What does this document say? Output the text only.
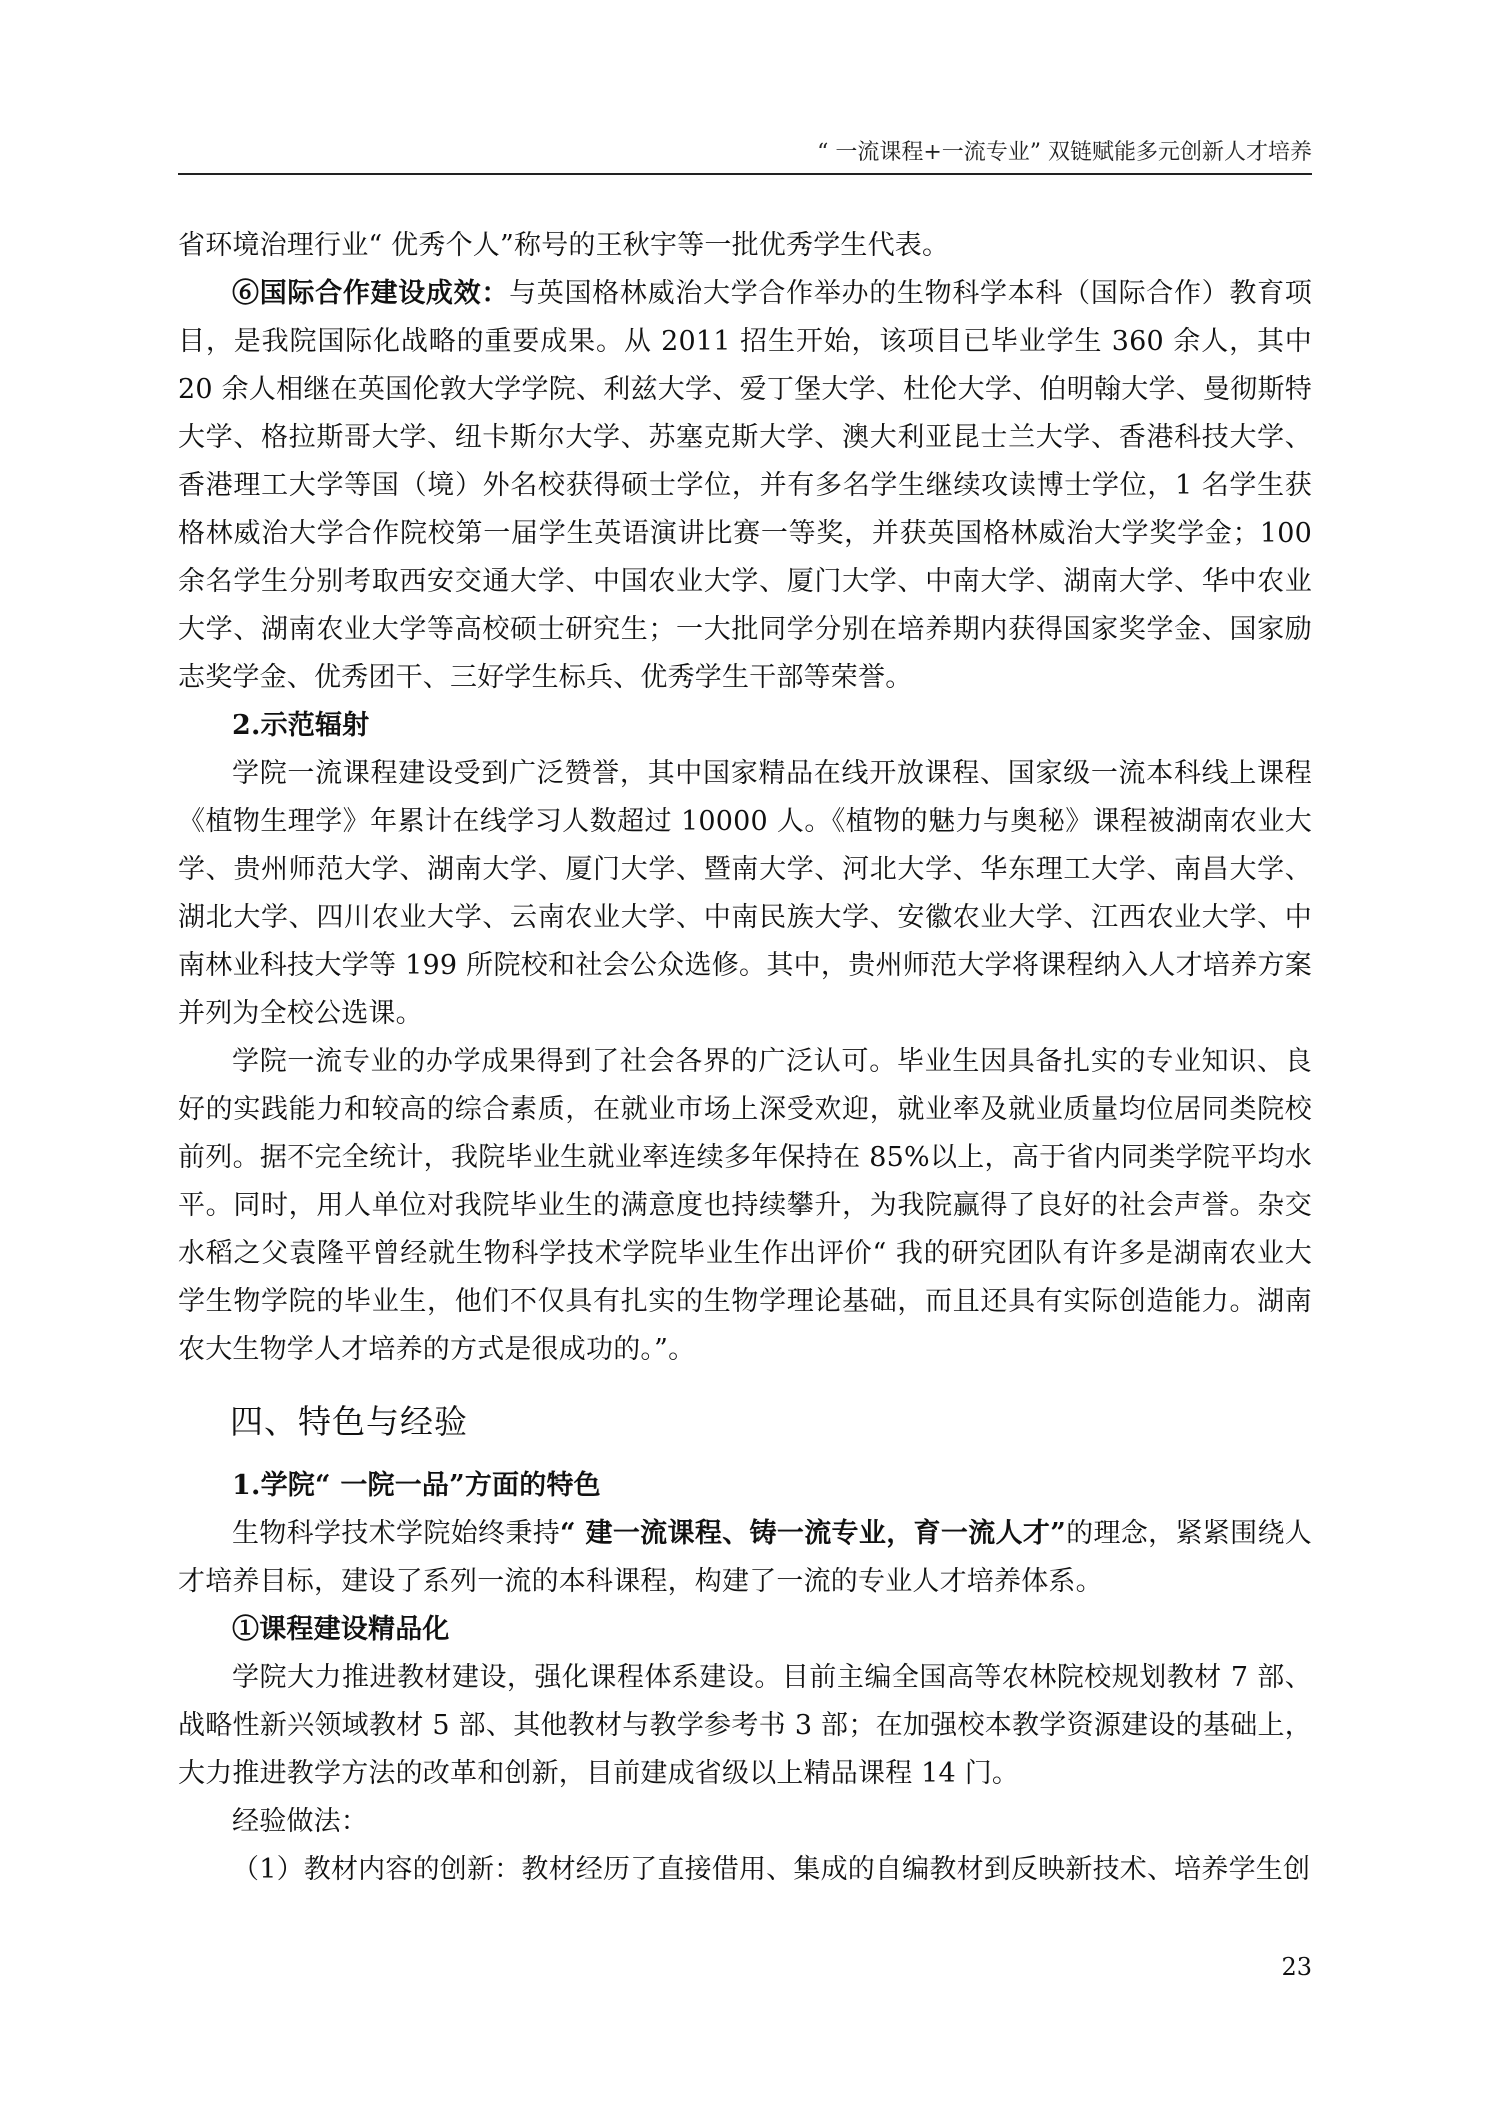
“ 一流课程+一流专业” 双链赋能多元创新人才培养

省环境治理行业“ 优秀个人”称号的王秋宇等一批优秀学生代表。

⑥国际合作建设成效：与英国格林威治大学合作举办的生物科学本科（国际合作）教育项目，是我院国际化战略的重要成果。从 2011 招生开始，该项目已毕业学生 360 余人，其中 20 余人相继在英国伦敦大学学院、利兹大学、爱丁堡大学、杜伦大学、伯明翰大学、曼彻斯特大学、格拉斯哥大学、纽卡斯尔大学、苏塞克斯大学、澳大利亚昆士兰大学、香港科技大学、香港理工大学等国（境）外名校获得硕士学位，并有多名学生继续攻读博士学位，1 名学生获格林威治大学合作院校第一届学生英语演讲比赛一等奖，并获英国格林威治大学奖学金；100 余名学生分别考取西安交通大学、中国农业大学、厦门大学、中南大学、湖南大学、华中农业大学、湖南农业大学等高校硕士研究生；一大批同学分别在培养期内获得国家奖学金、国家励志奖学金、优秀团干、三好学生标兵、优秀学生干部等荣誉。

2.示范辐射

学院一流课程建设受到广泛赞誉，其中国家精品在线开放课程、国家级一流本科线上课程《植物生理学》年累计在线学习人数超过 10000 人。《植物的魅力与奥秘》课程被湖南农业大学、贵州师范大学、湖南大学、厦门大学、暨南大学、河北大学、华东理工大学、南昌大学、湖北大学、四川农业大学、云南农业大学、中南民族大学、安徽农业大学、江西农业大学、中南林业科技大学等 199 所院校和社会公众选修。其中，贵州师范大学将课程纳入人才培养方案并列为全校公选课。

学院一流专业的办学成果得到了社会各界的广泛认可。毕业生因具备扎实的专业知识、良好的实践能力和较高的综合素质，在就业市场上深受欢迎，就业率及就业质量均位居同类院校前列。据不完全统计，我院毕业生就业率连续多年保持在 85%以上，高于省内同类学院平均水平。同时，用人单位对我院毕业生的满意度也持续攀升，为我院赢得了良好的社会声誉。杂交水稻之父袁隆平曾经就生物科学技术学院毕业生作出评价“ 我的研究团队有许多是湖南农业大学生物学院的毕业生，他们不仅具有扎实的生物学理论基础，而且还具有实际创造能力。湖南农大生物学人才培养的方式是很成功的。”。

四、特色与经验

1.学院“ 一院一品”方面的特色

生物科学技术学院始终秉持“ 建一流课程、铸一流专业，育一流人才”的理念，紧紧围绕人才培养目标，建设了系列一流的本科课程，构建了一流的专业人才培养体系。

①课程建设精品化

学院大力推进教材建设，强化课程体系建设。目前主编全国高等农林院校规划教材 7 部、战略性新兴领域教材 5 部、其他教材与教学参考书 3 部；在加强校本教学资源建设的基础上，大力推进教学方法的改革和创新，目前建成省级以上精品课程 14 门。

经验做法：

（1）教材内容的创新：教材经历了直接借用、集成的自编教材到反映新技术、培养学生创

23
